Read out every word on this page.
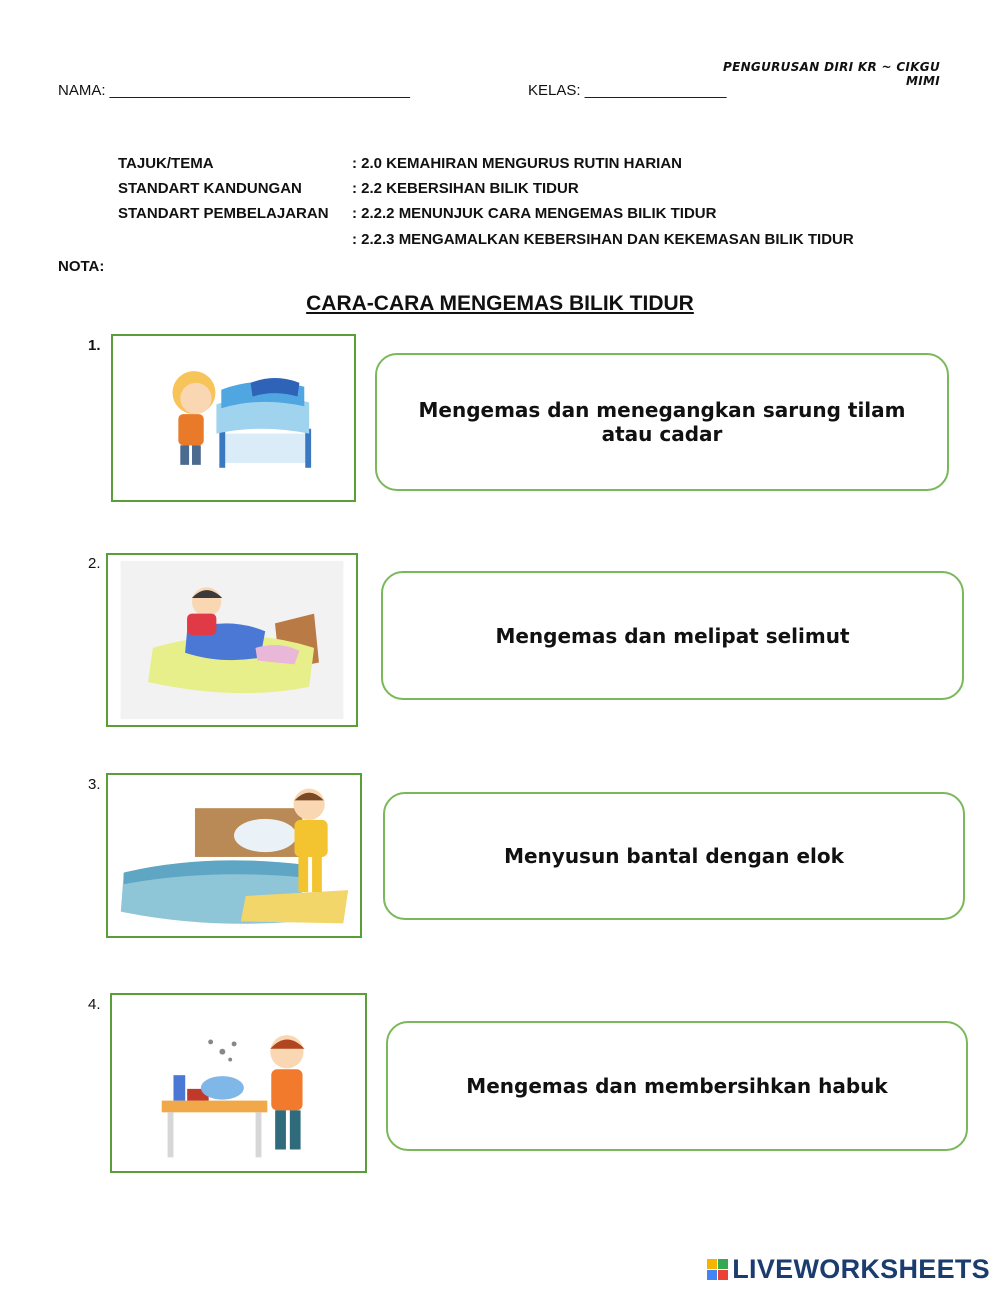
PENGURUSAN DIRI KR ~ CIKGU MIMI
NAMA: ____________________________________	KELAS: _________________
TAJUK/TEMA	: 2.0 KEMAHIRAN MENGURUS RUTIN HARIAN
STANDART KANDUNGAN	: 2.2 KEBERSIHAN BILIK TIDUR
STANDART PEMBELAJARAN : 2.2.2 MENUNJUK CARA MENGEMAS BILIK TIDUR
: 2.2.3 MENGAMALKAN KEBERSIHAN DAN KEKEMASAN BILIK TIDUR
NOTA:
CARA-CARA MENGEMAS BILIK TIDUR
1.
Mengemas dan menegangkan sarung tilam atau cadar
2.
Mengemas dan melipat selimut
3.
Menyusun bantal dengan elok
4.
Mengemas dan membersihkan habuk
LIVEWORKSHEETS
